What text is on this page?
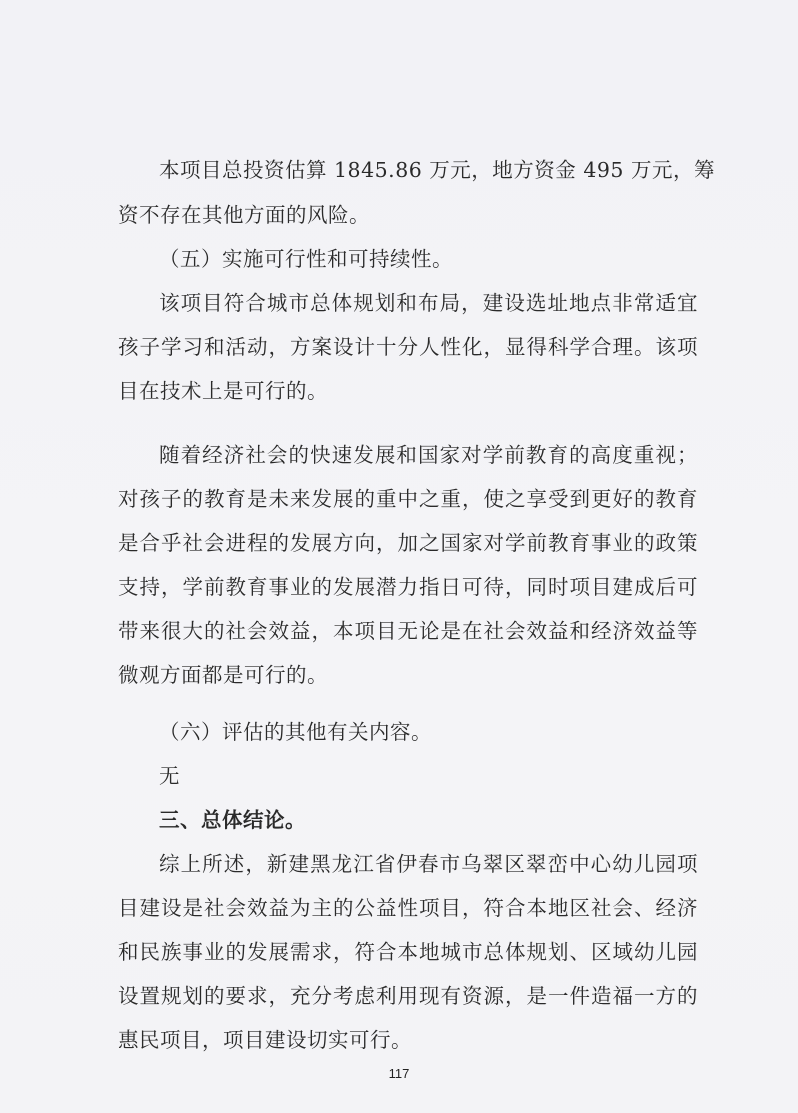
本项目总投资估算 1845.86 万元，地方资金 495 万元，筹
资不存在其他方面的风险。
（五）实施可行性和可持续性。
该项目符合城市总体规划和布局，建设选址地点非常适宜
孩子学习和活动，方案设计十分人性化，显得科学合理。该项
目在技术上是可行的。
随着经济社会的快速发展和国家对学前教育的高度重视；
对孩子的教育是未来发展的重中之重，使之享受到更好的教育
是合乎社会进程的发展方向，加之国家对学前教育事业的政策
支持，学前教育事业的发展潜力指日可待，同时项目建成后可
带来很大的社会效益，本项目无论是在社会效益和经济效益等
微观方面都是可行的。
（六）评估的其他有关内容。
无
三、总体结论。
综上所述，新建黑龙江省伊春市乌翠区翠峦中心幼儿园项
目建设是社会效益为主的公益性项目，符合本地区社会、经济
和民族事业的发展需求，符合本地城市总体规划、区域幼儿园
设置规划的要求，充分考虑利用现有资源，是一件造福一方的
惠民项目，项目建设切实可行。
117
